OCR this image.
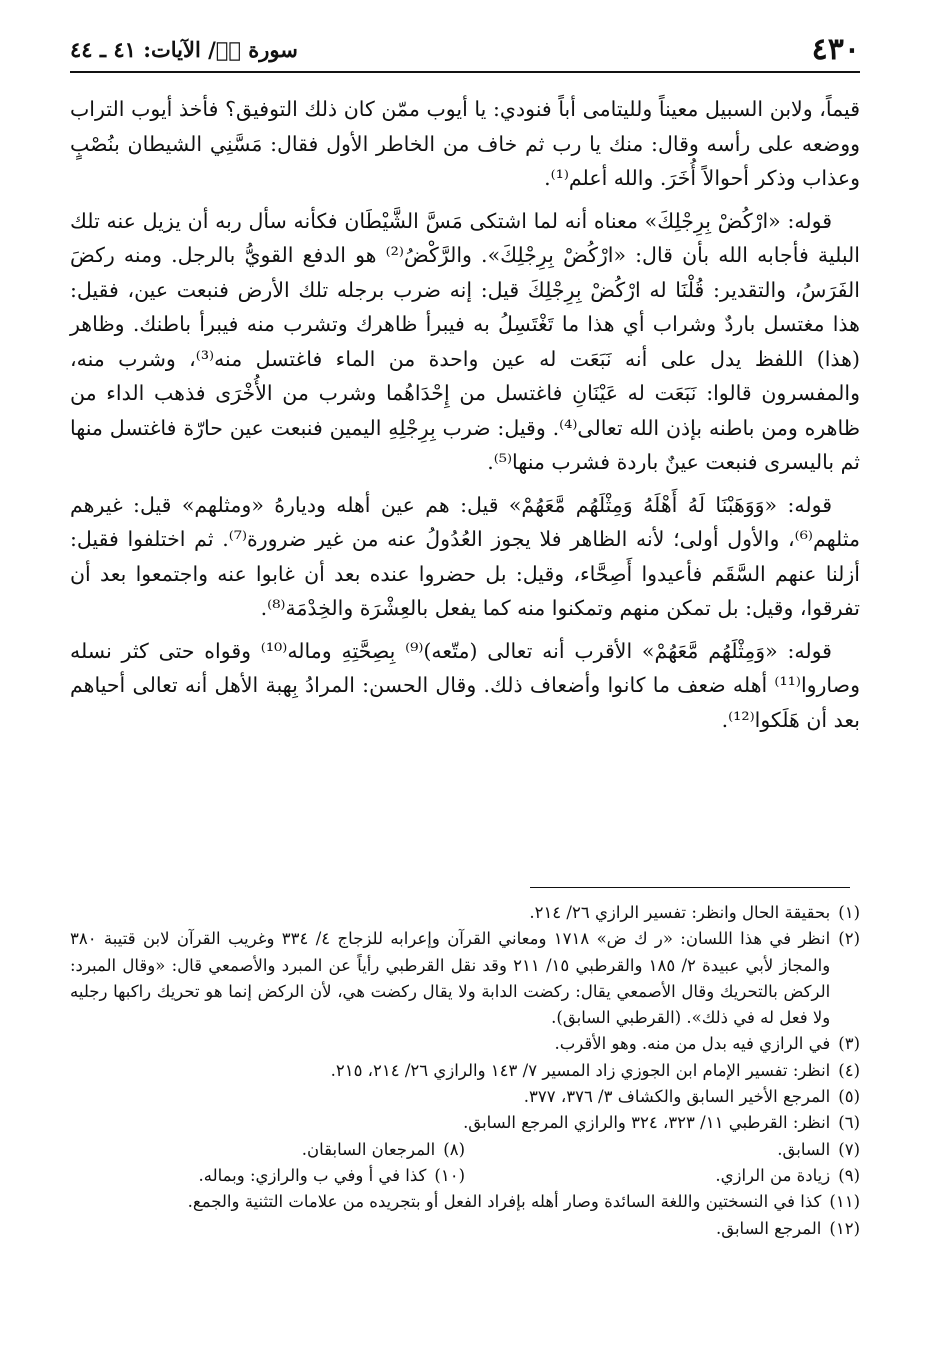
٤٣٠
سورة صۤ/ الآيات: ٤١ ـ ٤٤

قيماً، ولابن السبيل معيناً ولليتامى أباً فنودي: يا أيوب ممّن كان ذلك التوفيق؟ فأخذ أيوب التراب ووضعه على رأسه وقال: منك يا رب ثم خاف من الخاطر الأول فقال: مَسَّنِي الشيطان بنُصْبٍ وعذاب وذكر أحوالاً أُخَرَ. والله أعلم⁽¹⁾.

قوله: «ارْكُضْ بِرِجْلِكَ» معناه أنه لما اشتكى مَسَّ الشَّيْطَان فكأنه سأل ربه أن يزيل عنه تلك البلية فأجابه الله بأن قال: «ارْكُضْ بِرِجْلِكَ». والرَّكْضُ⁽²⁾ هو الدفع القويُّ بالرجل. ومنه ركضَ الفَرَسُ، والتقدير: قُلْنَا له ارْكُضْ بِرِجْلِكَ قيل: إنه ضرب برجله تلك الأرض فنبعت عين، فقيل: هذا مغتسل باردٌ وشراب أي هذا ما تَغْتَسِلُ به فيبرأ ظاهرك وتشرب منه فيبرأ باطنك. وظاهر (هذا) اللفظ يدل على أنه نَبَعَت له عين واحدة من الماء فاغتسل منه⁽³⁾، وشرب منه، والمفسرون قالوا: نَبَعَت له عَيْنَانِ فاغتسل من إِحْدَاهُما وشرب من الأُخْرَى فذهب الداء من ظاهره ومن باطنه بإذن الله تعالى⁽⁴⁾. وقيل: ضرب بِرِجْلِهِ اليمين فنبعت عين حارّة فاغتسل منها ثم باليسرى فنبعت عينٌ باردة فشرب منها⁽⁵⁾.

قوله: «وَوَهَبْنَا لَهُ أَهْلَهُ وَمِثْلَهُم مَّعَهُمْ» قيل: هم عين أهله وديارهُ «ومثلهم» قيل: غيرهم مثلهم⁽⁶⁾، والأول أولى؛ لأنه الظاهر فلا يجوز العُدُولُ عنه من غير ضرورة⁽⁷⁾. ثم اختلفوا فقيل: أزلنا عنهم السَّقَم فأعيدوا أَصِحَّاء، وقيل: بل حضروا عنده بعد أن غابوا عنه واجتمعوا بعد أن تفرقوا، وقيل: بل تمكن منهم وتمكنوا منه كما يفعل بالعِشْرَة والخِدْمَة⁽⁸⁾.

قوله: «وَمِثْلَهُم مَّعَهُمْ» الأقرب أنه تعالى (متّعه)⁽⁹⁾ بِصِحَّتِهِ وماله⁽¹⁰⁾ وقواه حتى كثر نسله وصاروا⁽¹¹⁾ أهله ضعف ما كانوا وأضعاف ذلك. وقال الحسن: المرادُ بِهبة الأهل أنه تعالى أحياهم بعد أن هَلَكوا⁽¹²⁾.

(١)
بحقيقة الحال وانظر: تفسير الرازي ٢٦/ ٢١٤.

(٢)
انظر في هذا اللسان: «ر ك ض» ١٧١٨ ومعاني القرآن وإعرابه للزجاج ٤/ ٣٣٤ وغريب القرآن لابن قتيبة ٣٨٠ والمجاز لأبي عبيدة ٢/ ١٨٥ والقرطبي ١٥/ ٢١١ وقد نقل القرطبي رأياً عن المبرد والأصمعي قال: «وقال المبرد: الركض بالتحريك وقال الأصمعي يقال: ركضت الدابة ولا يقال ركضت هي، لأن الركض إنما هو تحريك راكبها رجليه ولا فعل له في ذلك». (القرطبي السابق).

(٣)
في الرازي فيه بدل من منه. وهو الأقرب.

(٤)
انظر: تفسير الإمام ابن الجوزي زاد المسير ٧/ ١٤٣ والرازي ٢٦/ ٢١٤، ٢١٥.

(٥)
المرجع الأخير السابق والكشاف ٣/ ٣٧٦، ٣٧٧.

(٦)
انظر: القرطبي ١١/ ٣٢٣، ٣٢٤ والرازي المرجع السابق.

(٧)
السابق.
(٨)
المرجعان السابقان.
(٩)
زيادة من الرازي.
(١٠)
كذا في أ وفي ب والرازي: وبماله.

(١١)
كذا في النسختين واللغة السائدة وصار أهله بإفراد الفعل أو بتجريده من علامات التثنية والجمع.

(١٢)
المرجع السابق.
